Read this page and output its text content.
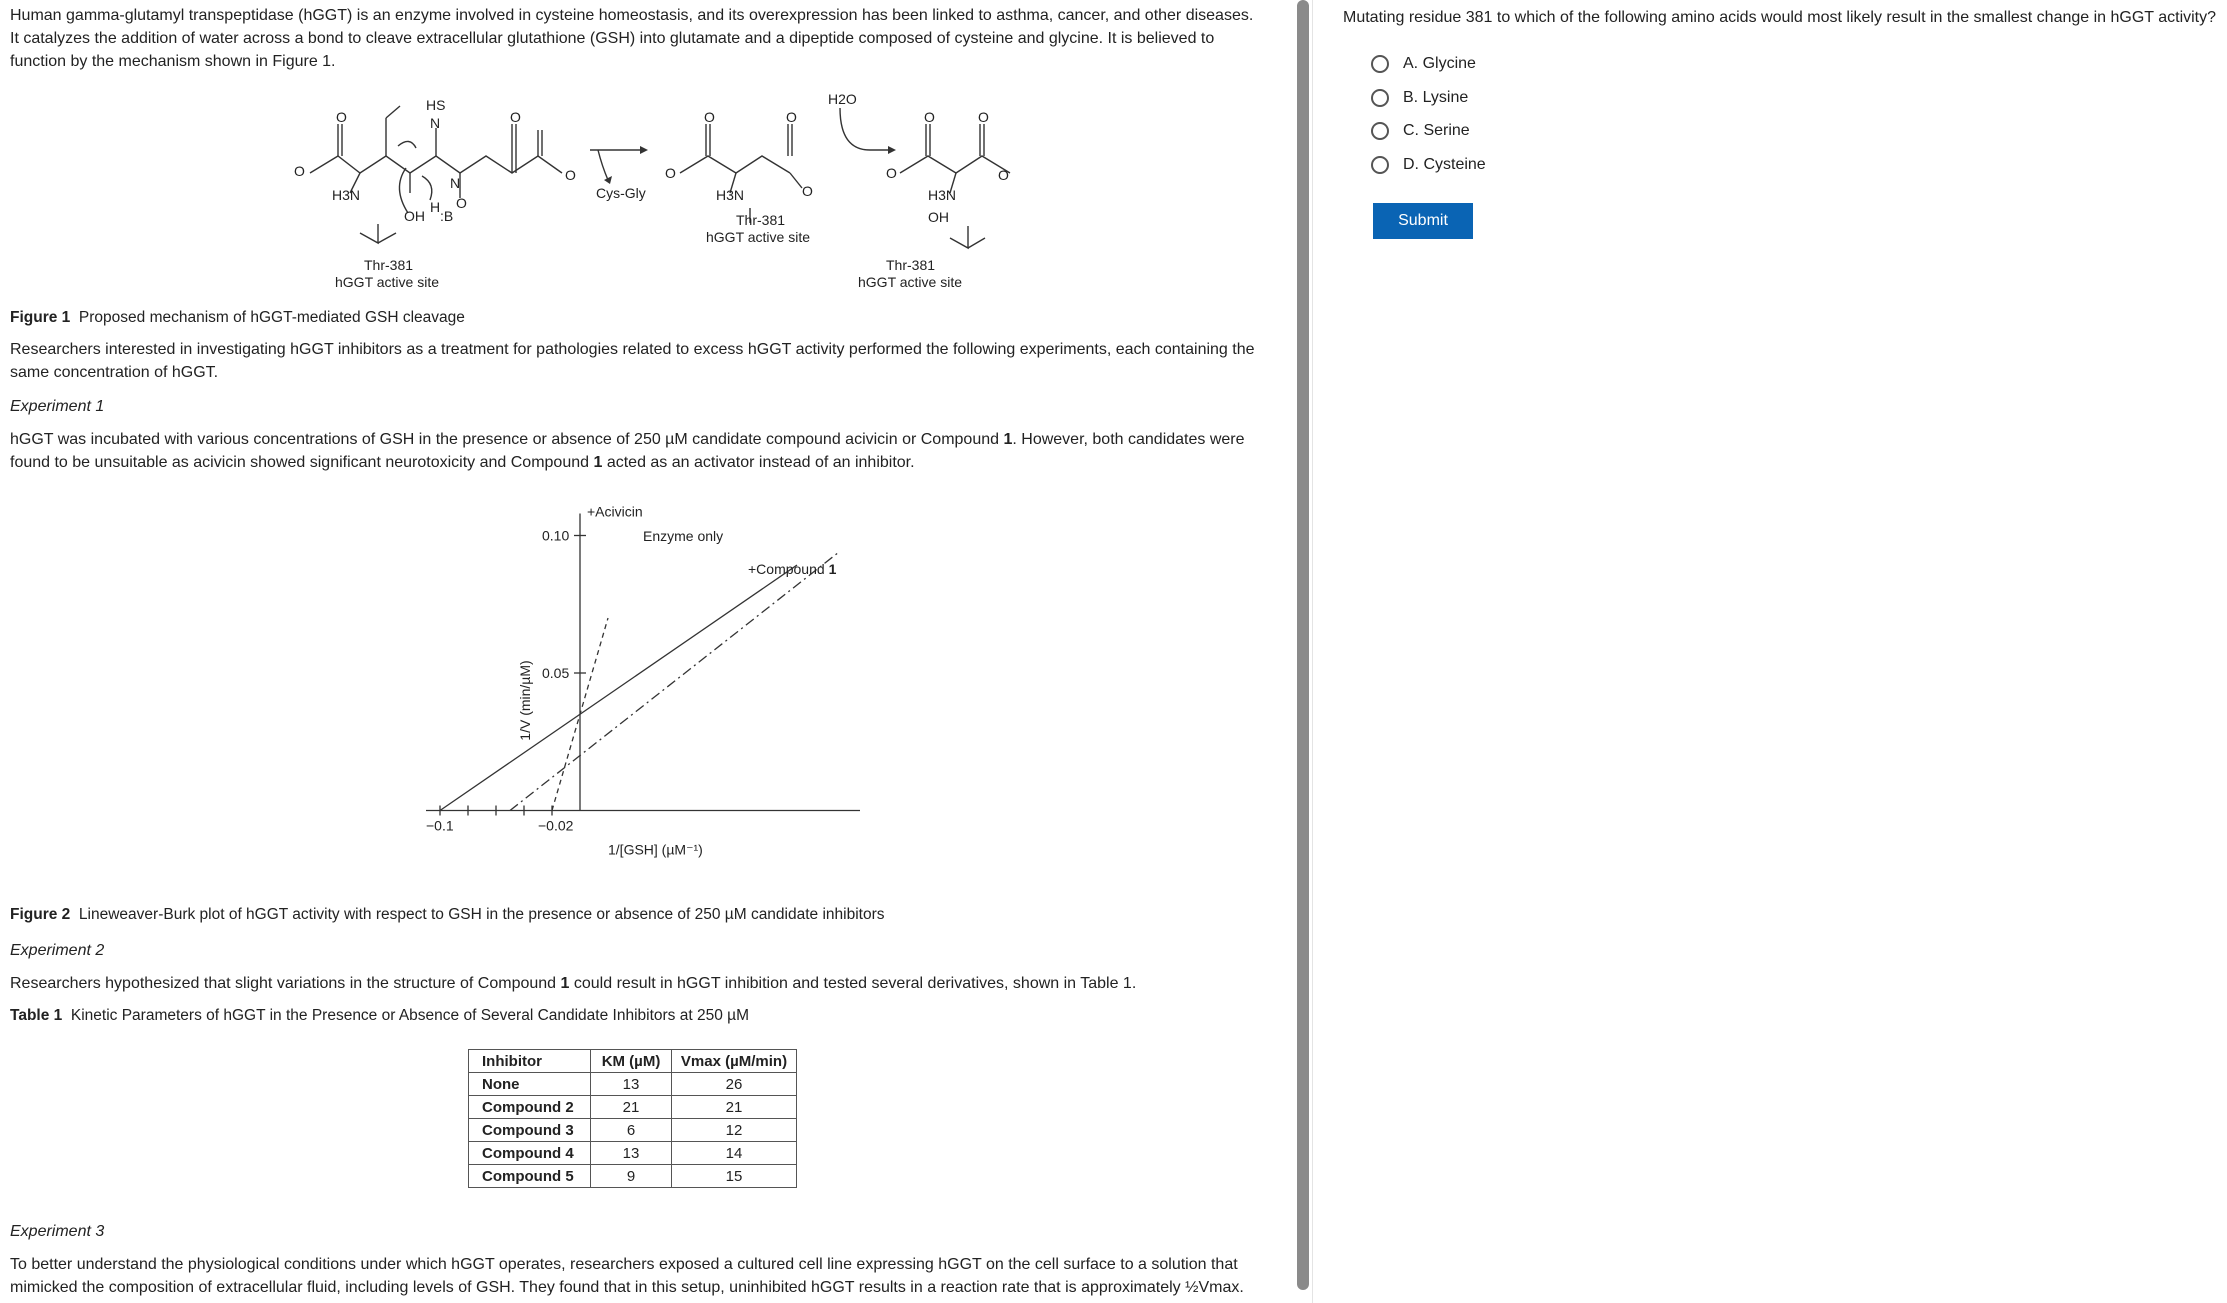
Human gamma-glutamyl transpeptidase (hGGT) is an enzyme involved in cysteine homeostasis, and its overexpression has been linked to asthma, cancer, and other diseases.
It catalyzes the addition of water across a bond to cleave extracellular glutathione (GSH) into glutamate and a dipeptide composed of cysteine and glycine. It is believed to
function by the mechanism shown in Figure 1.
O
O
H3N
HS
N
N
H O
O
O
OH :B
Thr-381
hGGT active site
Cys-Gly
O
O
H3N
O
O
H2O
Thr-381
hGGT active site
O
O
H3N
O
O
OH
Thr-381
hGGT active site
Figure 1 Proposed mechanism of hGGT-mediated GSH cleavage
Researchers interested in investigating hGGT inhibitors as a treatment for pathologies related to excess hGGT activity performed the following experiments, each containing the
same concentration of hGGT.
Experiment 1
hGGT was incubated with various concentrations of GSH in the presence or absence of 250 µM candidate compound acivicin or Compound 1. However, both candidates were
found to be unsuitable as acivicin showed significant neurotoxicity and Compound 1 acted as an activator instead of an inhibitor.
1/V (min/µM)
1/[GSH] (µM⁻¹)
+Acivicin
Enzyme only
+Compound 1
−0.1	−0.02
0.05
0.10
Figure 2 Lineweaver-Burk plot of hGGT activity with respect to GSH in the presence or absence of 250 µM candidate inhibitors
Experiment 2
Researchers hypothesized that slight variations in the structure of Compound 1 could result in hGGT inhibition and tested several derivatives, shown in Table 1.
Table 1 Kinetic Parameters of hGGT in the Presence or Absence of Several Candidate Inhibitors at 250 µM
Inhibitor	KM (µM)	Vmax (µM/min)
None	13	26
Compound 2	21	21
Compound 3	6	12
Compound 4	13	14
Compound 5	9	15
Experiment 3
To better understand the physiological conditions under which hGGT operates, researchers exposed a cultured cell line expressing hGGT on the cell surface to a solution that
mimicked the composition of extracellular fluid, including levels of GSH. They found that in this setup, uninhibited hGGT results in a reaction rate that is approximately ½Vmax.
Mutating residue 381 to which of the following amino acids would most likely result in the smallest change in hGGT activity?
A.
Glycine
B.
Lysine
C.
Serine
D.
Cysteine
Submit
